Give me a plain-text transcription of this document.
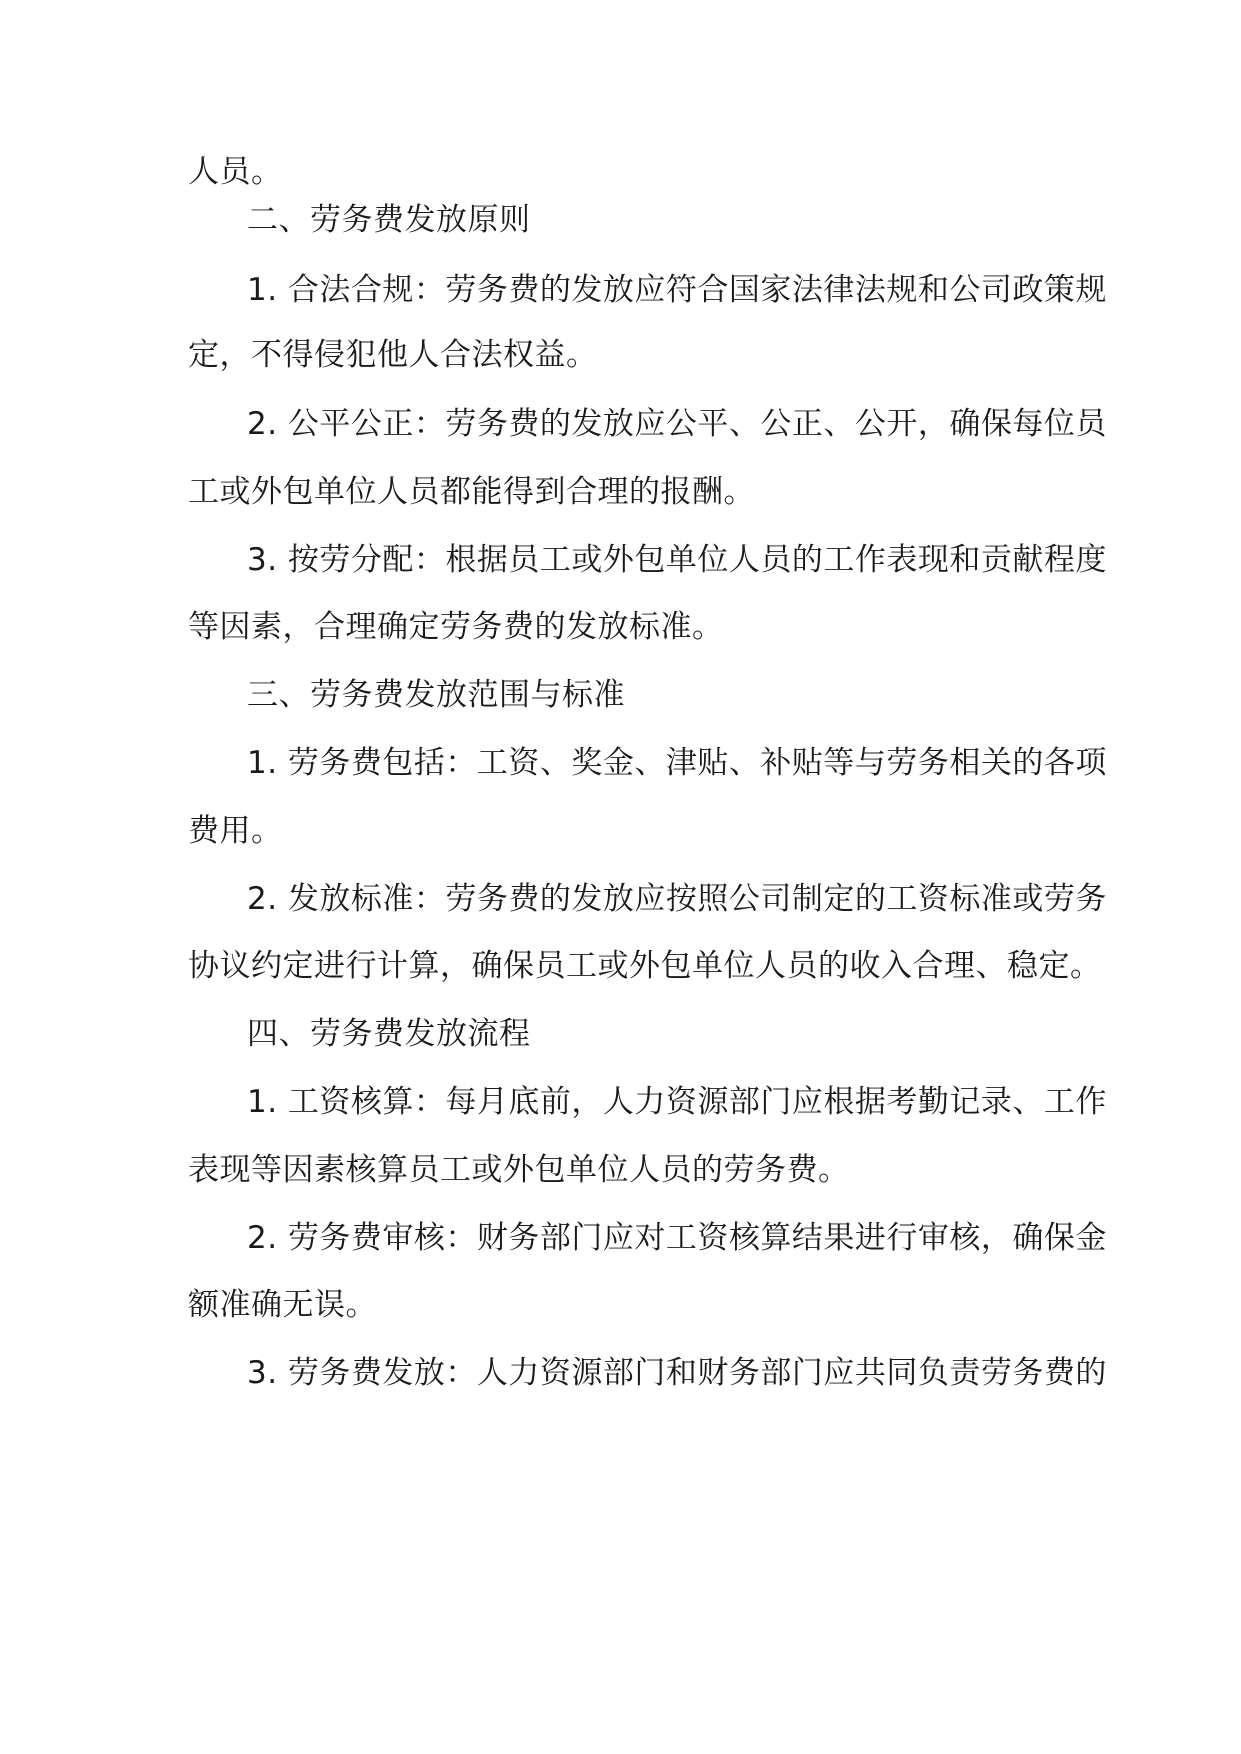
人员。

二、劳务费发放原则

1. 合法合规：劳务费的发放应符合国家法律法规和公司政策规

定，不得侵犯他人合法权益。

2. 公平公正：劳务费的发放应公平、公正、公开，确保每位员

工或外包单位人员都能得到合理的报酬。

3. 按劳分配：根据员工或外包单位人员的工作表现和贡献程度

等因素，合理确定劳务费的发放标准。

三、劳务费发放范围与标准

1. 劳务费包括：工资、奖金、津贴、补贴等与劳务相关的各项

费用。

2. 发放标准：劳务费的发放应按照公司制定的工资标准或劳务

协议约定进行计算，确保员工或外包单位人员的收入合理、稳定。

四、劳务费发放流程

1. 工资核算：每月底前，人力资源部门应根据考勤记录、工作

表现等因素核算员工或外包单位人员的劳务费。

2. 劳务费审核：财务部门应对工资核算结果进行审核，确保金

额准确无误。

3. 劳务费发放：人力资源部门和财务部门应共同负责劳务费的
